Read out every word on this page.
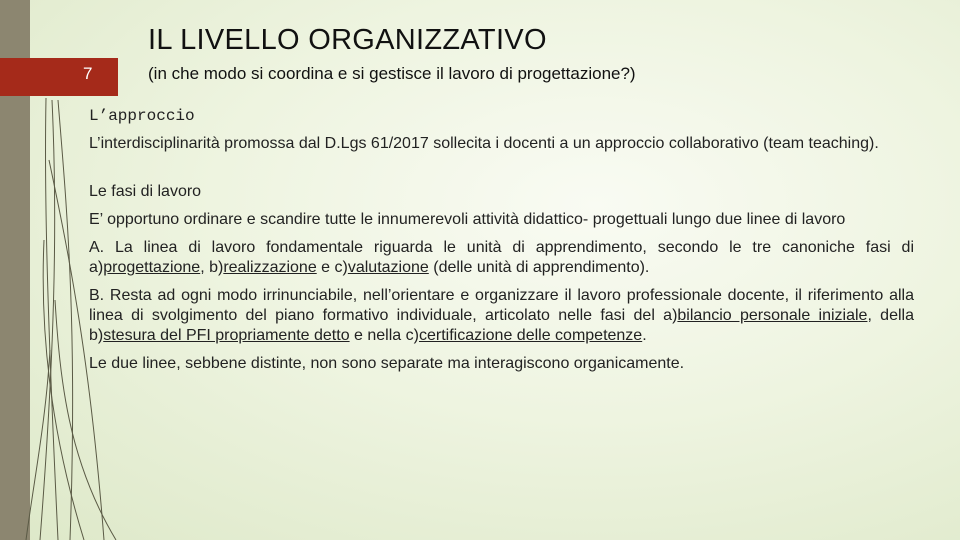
7
IL LIVELLO ORGANIZZATIVO
(in che modo si coordina e si gestisce il lavoro di progettazione?)

L’approccio

L’interdisciplinarità promossa dal D.Lgs 61/2017 sollecita i docenti a un approccio collaborativo (team teaching).

Le fasi di lavoro

E’ opportuno ordinare e scandire tutte le innumerevoli attività didattico- progettuali lungo due linee di lavoro

A. La linea di lavoro fondamentale riguarda le unità di apprendimento, secondo le tre canoniche fasi di a)progettazione, b)realizzazione e c)valutazione (delle unità di apprendimento).

B. Resta ad ogni modo irrinunciabile, nell’orientare e organizzare il lavoro professionale docente, il riferimento alla linea di svolgimento del piano formativo individuale, articolato nelle fasi del a)bilancio personale iniziale, della b)stesura del PFI propriamente detto e nella c)certificazione delle competenze.

Le due linee, sebbene distinte, non sono separate ma interagiscono organicamente.
